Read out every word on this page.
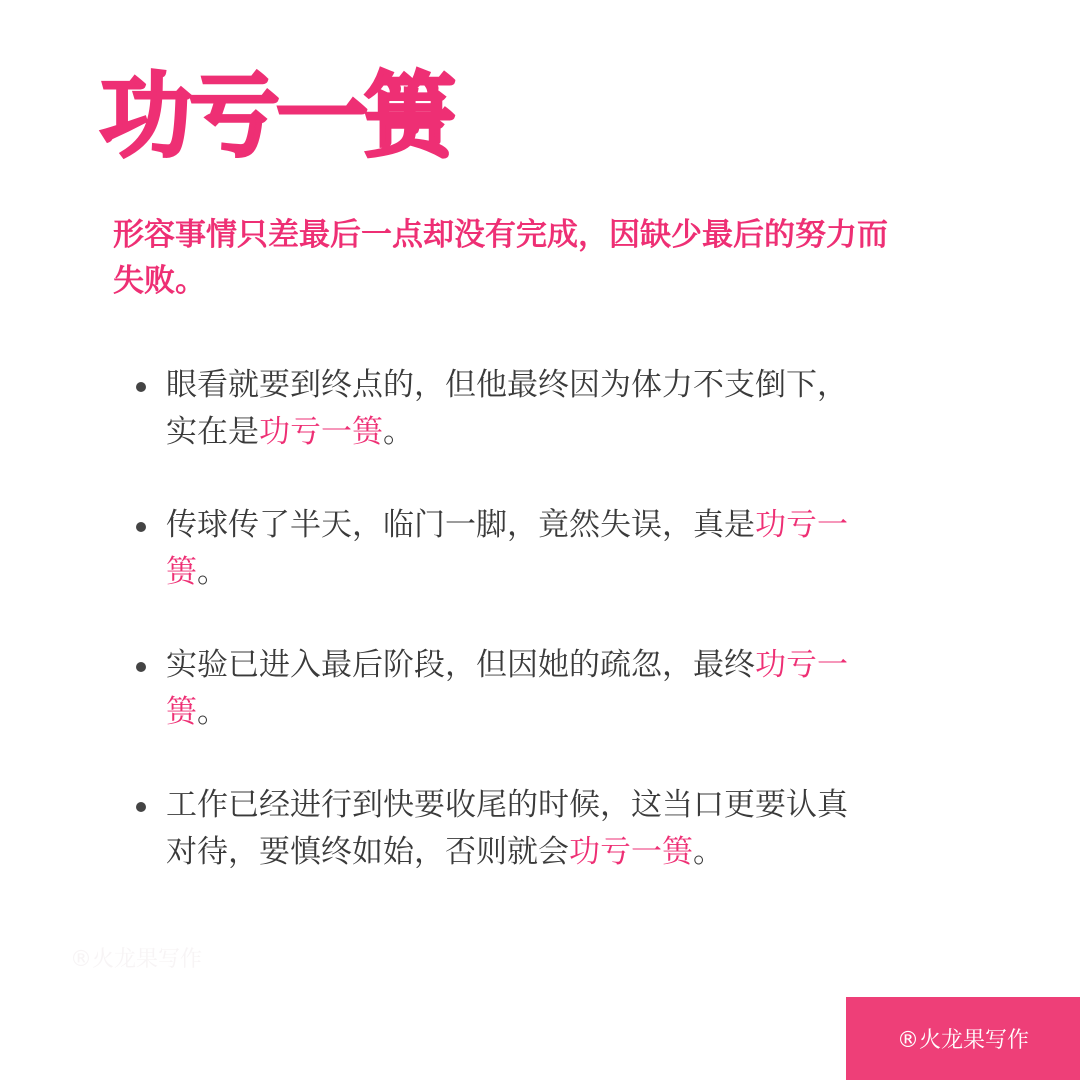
功亏一篑
形容事情只差最后一点却没有完成，因缺少最后的努力而失败。
眼看就要到终点的，但他最终因为体力不支倒下，实在是功亏一篑。
传球传了半天，临门一脚，竟然失误，真是功亏一篑。
实验已进入最后阶段，但因她的疏忽，最终功亏一篑。
工作已经进行到快要收尾的时候，这当口更要认真对待，要慎终如始，否则就会功亏一篑。
®火龙果写作
®火龙果写作
